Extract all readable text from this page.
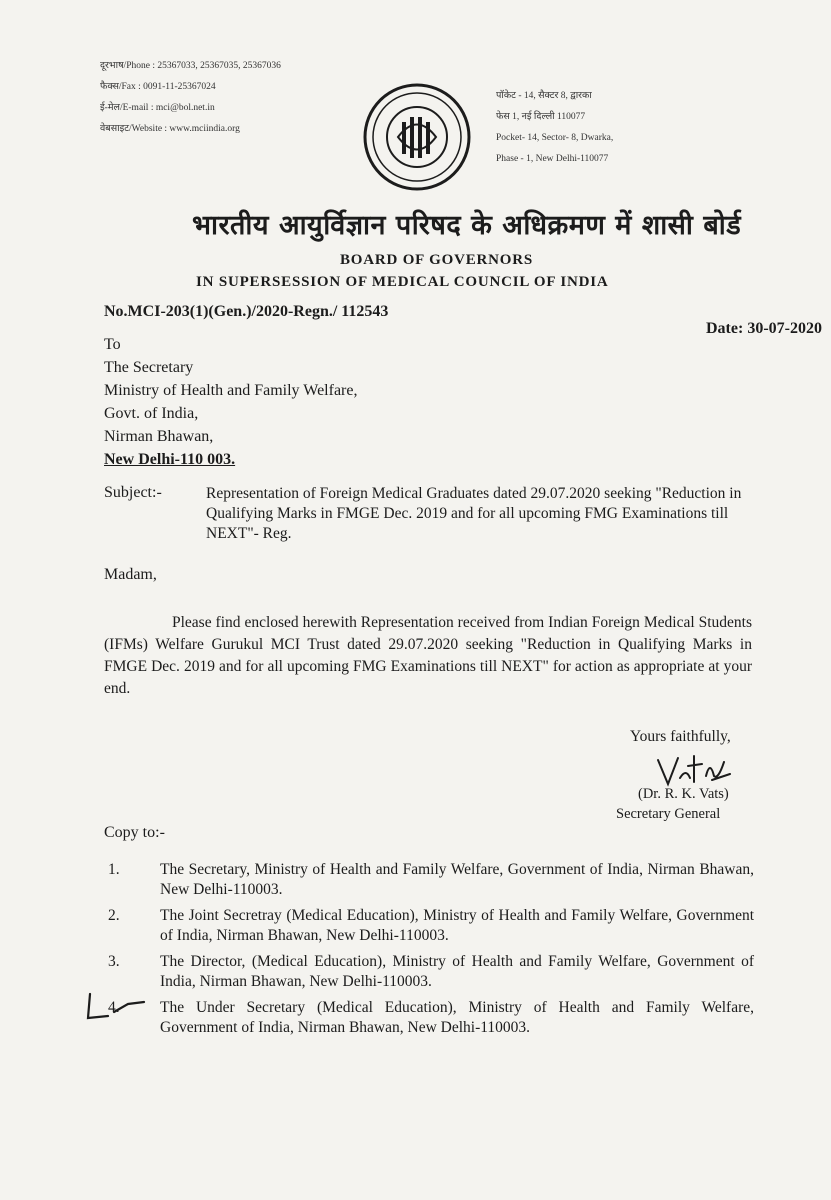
दूरभाष/Phone : 25367033, 25367035, 25367036
फैक्स/Fax : 0091-11-25367024
ई-मेल/E-mail : mci@bol.net.in
वेबसाइट/Website : www.mciindia.org
पॉकेट - 14, सैक्टर 8, द्वारका
फेस 1, नई दिल्ली 110077
Pocket- 14, Sector- 8, Dwarka,
Phase - 1, New Delhi-110077
भारतीय आयुर्विज्ञान परिषद के अधिक्रमण में शासी बोर्ड
BOARD OF GOVERNORS
IN SUPERSESSION OF MEDICAL COUNCIL OF INDIA
No.MCI-203(1)(Gen.)/2020-Regn./ 112543
Date: 30-07-2020
To
The Secretary
Ministry of Health and Family Welfare,
Govt. of India,
Nirman Bhawan,
New Delhi-110 003.
Subject:-	Representation of Foreign Medical Graduates dated 29.07.2020 seeking "Reduction in Qualifying Marks in FMGE Dec. 2019 and for all upcoming FMG Examinations till NEXT"- Reg.
Madam,
Please find enclosed herewith Representation received from Indian Foreign Medical Students (IFMs) Welfare Gurukul MCI Trust dated 29.07.2020 seeking "Reduction in Qualifying Marks in FMGE Dec. 2019 and for all upcoming FMG Examinations till NEXT" for action as appropriate at your end.
Yours faithfully,
(Dr. R. K. Vats)
Secretary General
Copy to:-
1.	The Secretary, Ministry of Health and Family Welfare, Government of India, Nirman Bhawan, New Delhi-110003.
2.	The Joint Secretray (Medical Education), Ministry of Health and Family Welfare, Government of India, Nirman Bhawan, New Delhi-110003.
3.	The Director, (Medical Education), Ministry of Health and Family Welfare, Government of India, Nirman Bhawan, New Delhi-110003.
4.	The Under Secretary (Medical Education), Ministry of Health and Family Welfare, Government of India, Nirman Bhawan, New Delhi-110003.
